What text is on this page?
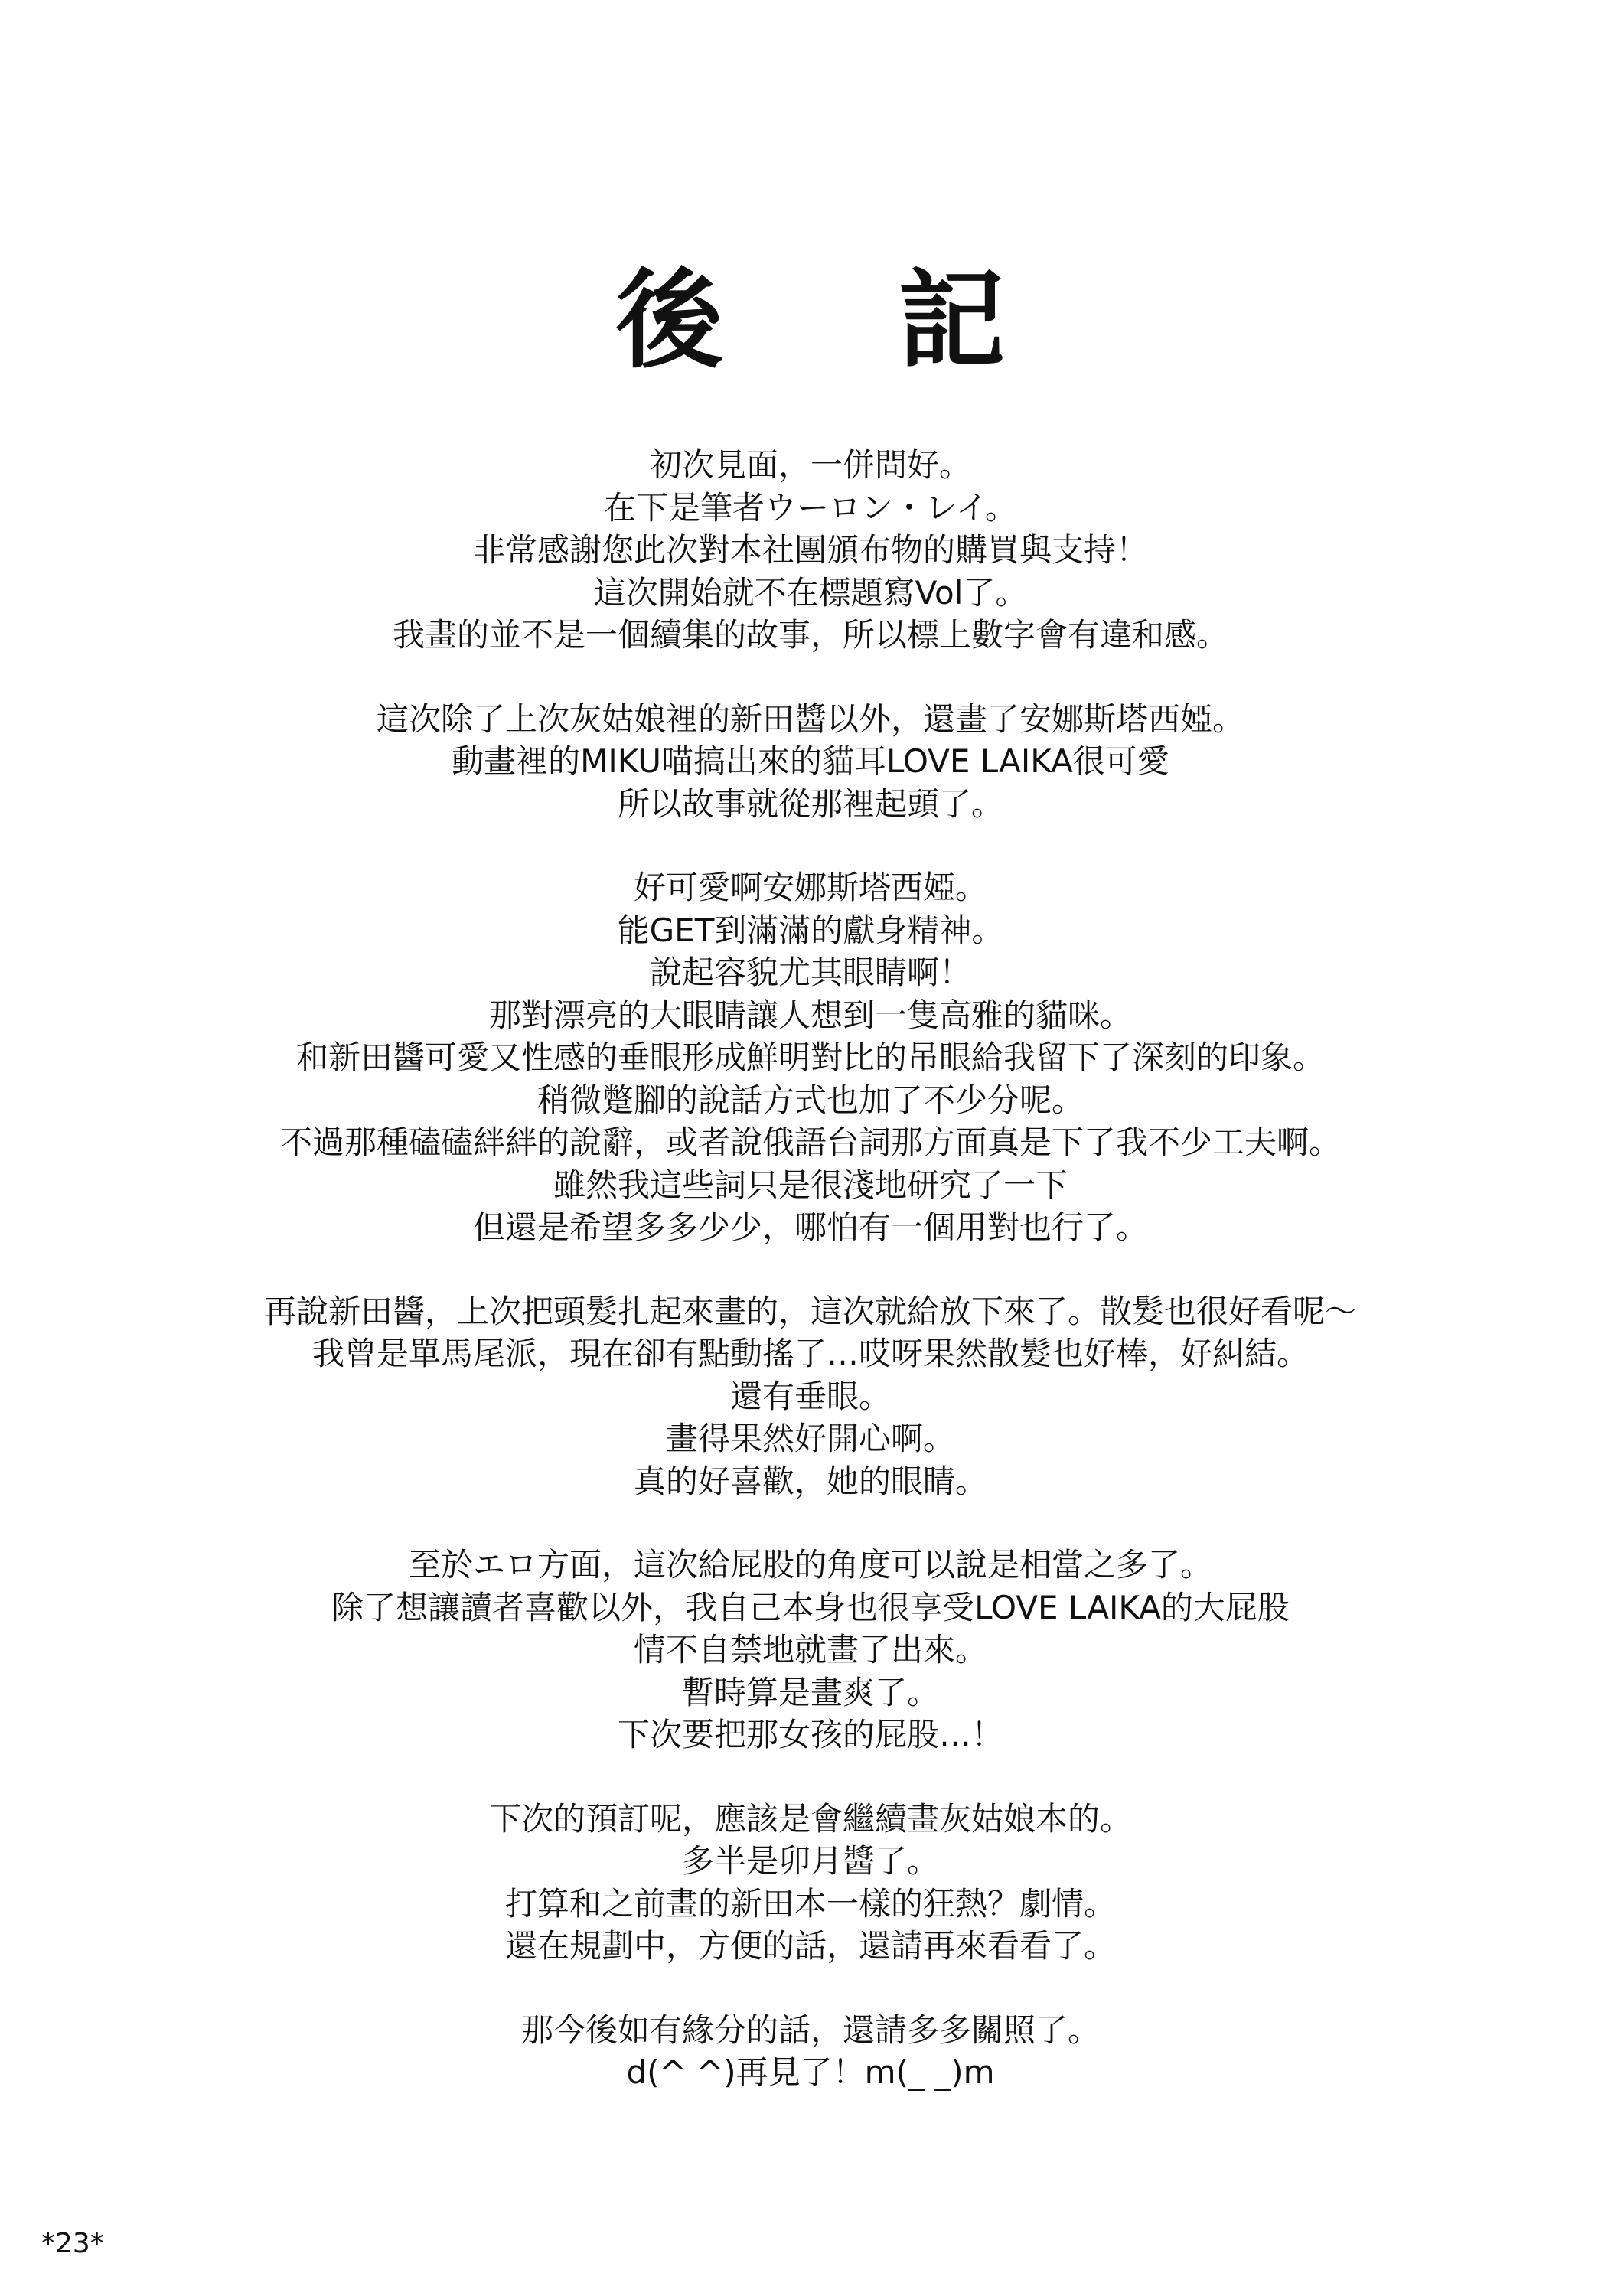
後 記
初次見面，一併問好。
在下是筆者ウーロン・レイ。
非常感謝您此次對本社團頒布物的購買與支持！
這次開始就不在標題寫Vol了。
我畫的並不是一個續集的故事，所以標上數字會有違和感。
這次除了上次灰姑娘裡的新田醬以外，還畫了安娜斯塔西婭。
動畫裡的MIKU喵搞出來的貓耳LOVE LAIKA很可愛
所以故事就從那裡起頭了。
好可愛啊安娜斯塔西婭。
能GET到滿滿的獻身精神。
說起容貌尤其眼睛啊！
那對漂亮的大眼睛讓人想到一隻高雅的貓咪。
和新田醬可愛又性感的垂眼形成鮮明對比的吊眼給我留下了深刻的印象。
稍微蹩腳的說話方式也加了不少分呢。
不過那種磕磕絆絆的說辭，或者說俄語台詞那方面真是下了我不少工夫啊。
雖然我這些詞只是很淺地研究了一下
但還是希望多多少少，哪怕有一個用對也行了。
再說新田醬，上次把頭髮扎起來畫的，這次就給放下來了。散髮也很好看呢～
我曾是單馬尾派，現在卻有點動搖了…哎呀果然散髮也好棒，好糾結。
還有垂眼。
畫得果然好開心啊。
真的好喜歡，她的眼睛。
至於エロ方面，這次給屁股的角度可以說是相當之多了。
除了想讓讀者喜歡以外，我自己本身也很享受LOVE LAIKA的大屁股
情不自禁地就畫了出來。
暫時算是畫爽了。
下次要把那女孩的屁股…！
下次的預訂呢，應該是會繼續畫灰姑娘本的。
多半是卯月醬了。
打算和之前畫的新田本一樣的狂熱？劇情。
還在規劃中，方便的話，還請再來看看了。
那今後如有緣分的話，還請多多關照了。
d(^ ^)再見了！m(_ _)m
*23*
